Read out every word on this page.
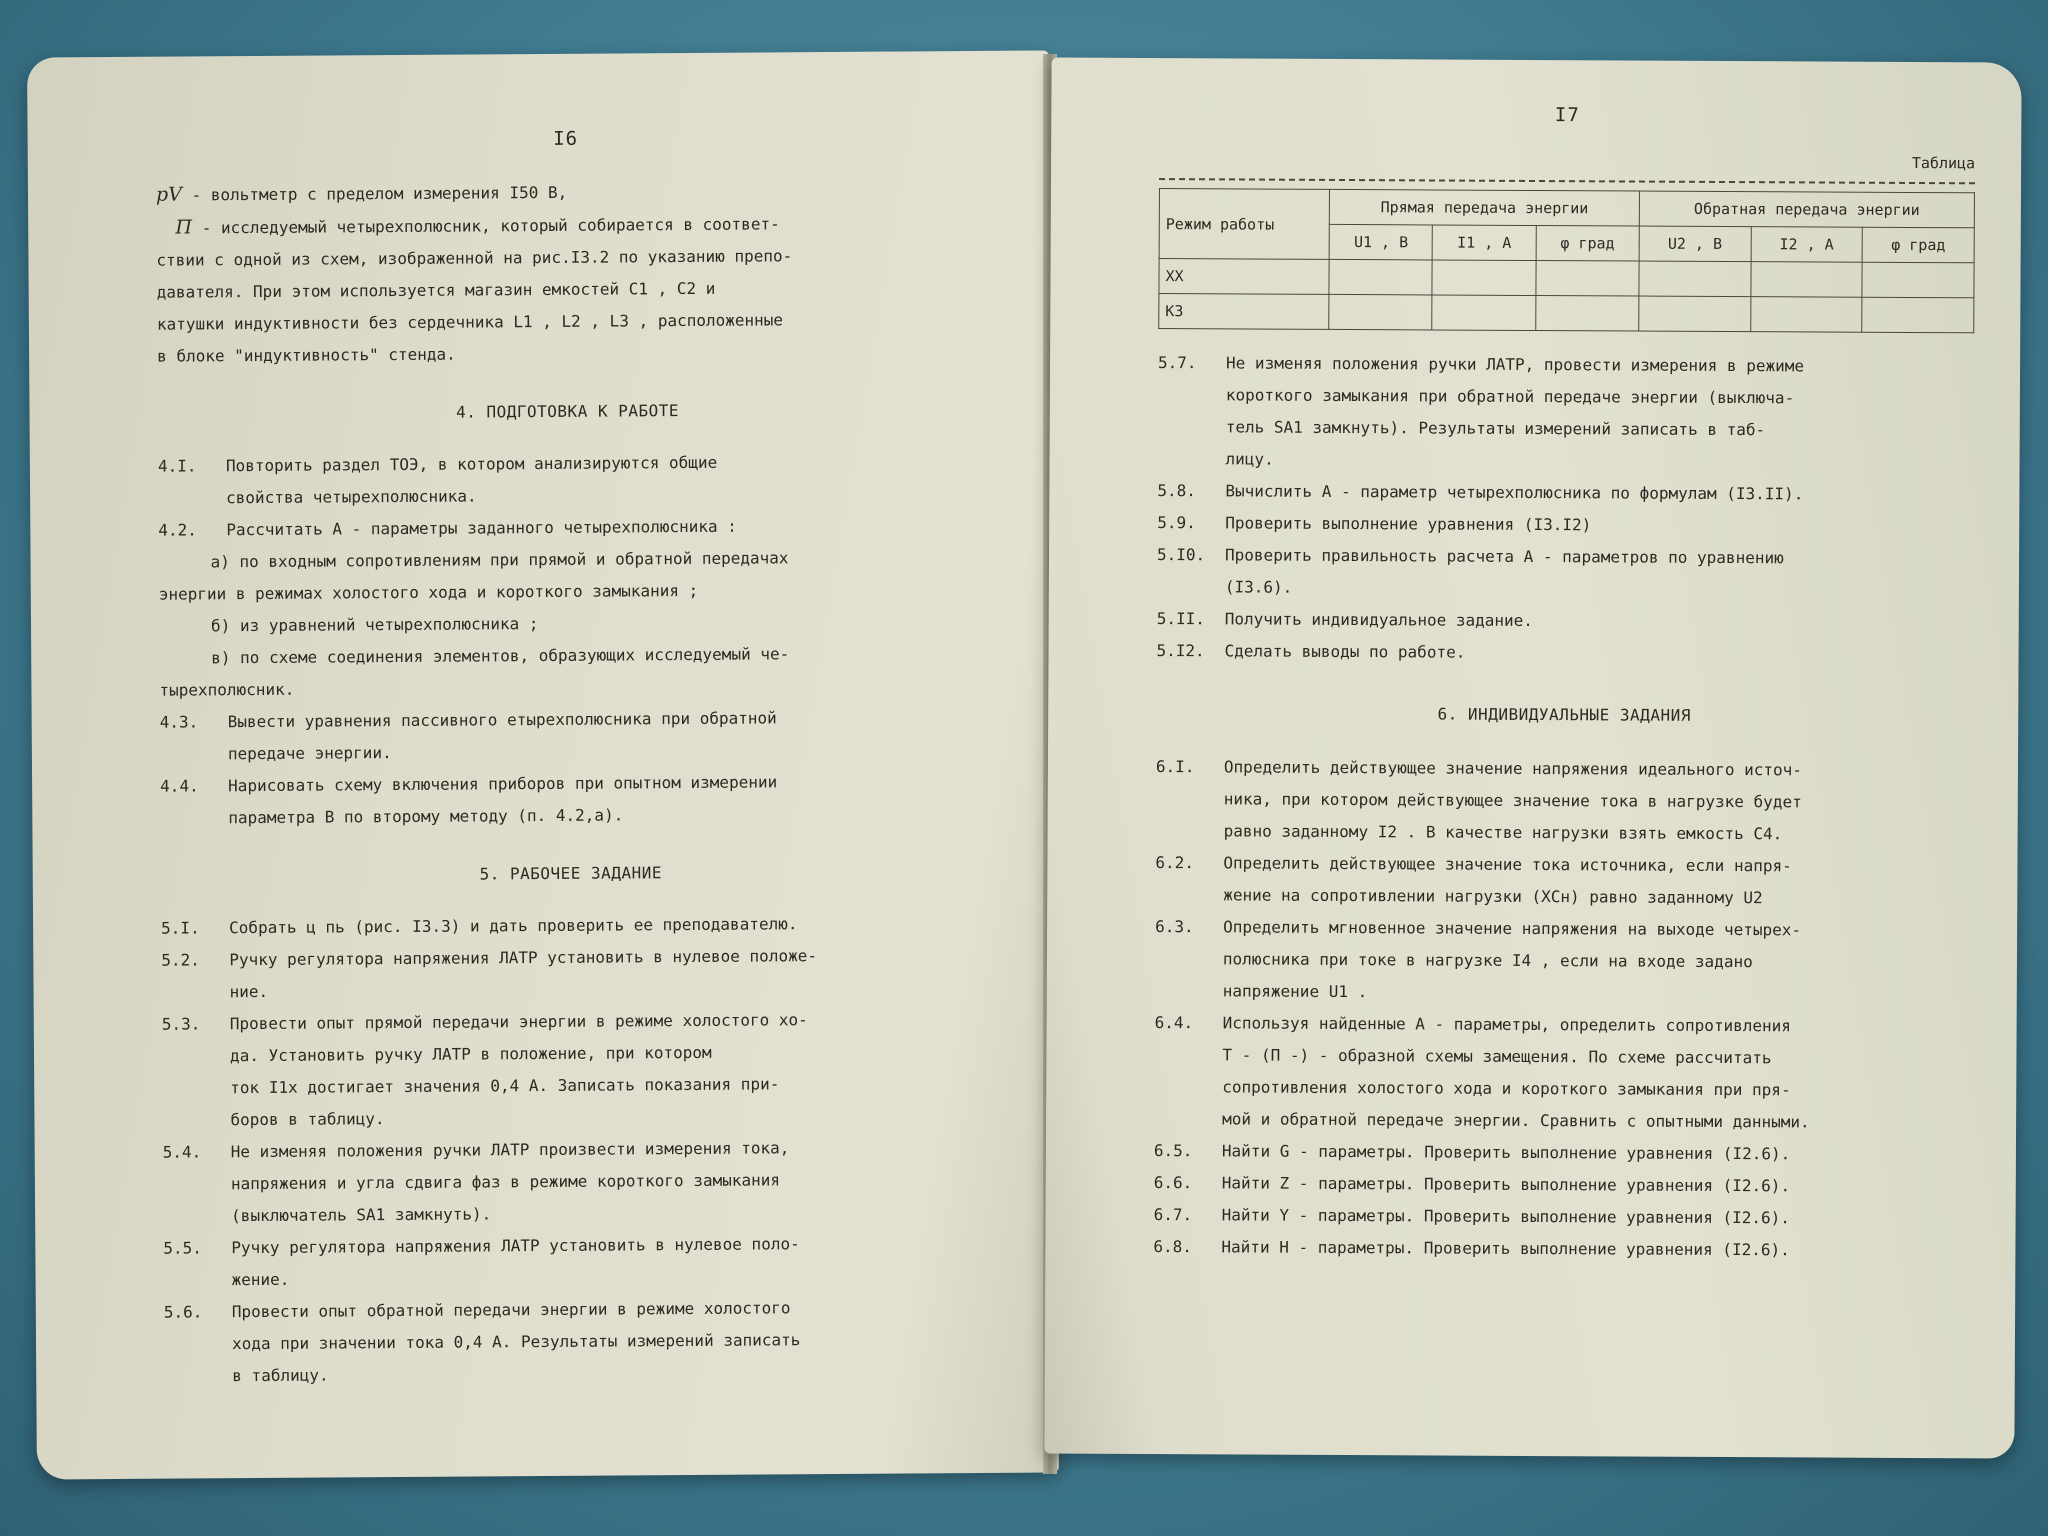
I6

pV - вольтметр с пределом измерения I50 В,

П - исследуемый четырехполюсник, который собирается в соответ-

ствии с одной из схем, изображенной на рис.I3.2 по указанию препо-

давателя. При этом используется магазин емкостей C1 , C2 и

катушки индуктивности без сердечника L1 , L2 , L3 , расположенные

в блоке "индуктивность" стенда.

4. ПОДГОТОВКА К РАБОТЕ

4.I. Повторить раздел ТОЭ, в котором анализируются общие

свойства четырехполюсника.

4.2. Рассчитать A - параметры заданного четырехполюсника :

а) по входным сопротивлениям при прямой и обратной передачах

энергии в режимах холостого хода и короткого замыкания ;

б) из уравнений четырехполюсника ;

в) по схеме соединения элементов, образующих исследуемый че-

тырехполюсник.

4.3. Вывести уравнения пассивного етырехполюсника при обратной

передаче энергии.

4.4. Нарисовать схему включения приборов при опытном измерении

параметра B по второму методу (п. 4.2,а).

5. РАБОЧЕЕ ЗАДАНИЕ

5.I. Собрать ц пь (рис. I3.3) и дать проверить ее преподавателю.

5.2. Ручку регулятора напряжения ЛАТР установить в нулевое положе-

ние.

5.3. Провести опыт прямой передачи энергии в режиме холостого хо-

да. Установить ручку ЛАТР в положение, при котором

ток I1x достигает значения 0,4 А. Записать показания при-

боров в таблицу.

5.4. Не изменяя положения ручки ЛАТР произвести измерения тока,

напряжения и угла сдвига фаз в режиме короткого замыкания

(выключатель SA1 замкнуть).

5.5. Ручку регулятора напряжения ЛАТР установить в нулевое поло-

жение.

5.6. Провести опыт обратной передачи энергии в режиме холостого

хода при значении тока 0,4 А. Результаты измерений записать

в таблицу.

I7
Таблица
Режим работы	Прямая передача энергии			Обратная передача энергии		
	U1 , B	I1 , A	φ град	U2 , B	I2 , A	φ град
XX						
КЗ						

5.7. Не изменяя положения ручки ЛАТР, провести измерения в режиме

короткого замыкания при обратной передаче энергии (выключа-

тель SA1 замкнуть). Результаты измерений записать в таб-

лицу.

5.8. Вычислить A - параметр четырехполюсника по формулам (I3.II).

5.9. Проверить выполнение уравнения (I3.I2)

5.I0. Проверить правильность расчета A - параметров по уравнению

(I3.6).

5.II. Получить индивидуальное задание.

5.I2. Сделать выводы по работе.

6. ИНДИВИДУАЛЬНЫЕ ЗАДАНИЯ

6.I. Определить действующее значение напряжения идеального источ-

ника, при котором действующее значение тока в нагрузке будет

равно заданному I2 . В качестве нагрузки взять емкость C4.

6.2. Определить действующее значение тока источника, если напря-

жение на сопротивлении нагрузки (XCн) равно заданному U2

6.3. Определить мгновенное значение напряжения на выходе четырех-

полюсника при токе в нагрузке I4 , если на входе задано

напряжение U1 .

6.4. Используя найденные A - параметры, определить сопротивления

Т - (П -) - образной схемы замещения. По схеме рассчитать

сопротивления холостого хода и короткого замыкания при пря-

мой и обратной передаче энергии. Сравнить с опытными данными.

6.5. Найти G - параметры. Проверить выполнение уравнения (I2.6).

6.6. Найти Z - параметры. Проверить выполнение уравнения (I2.6).

6.7. Найти Y - параметры. Проверить выполнение уравнения (I2.6).

6.8. Найти H - параметры. Проверить выполнение уравнения (I2.6).
